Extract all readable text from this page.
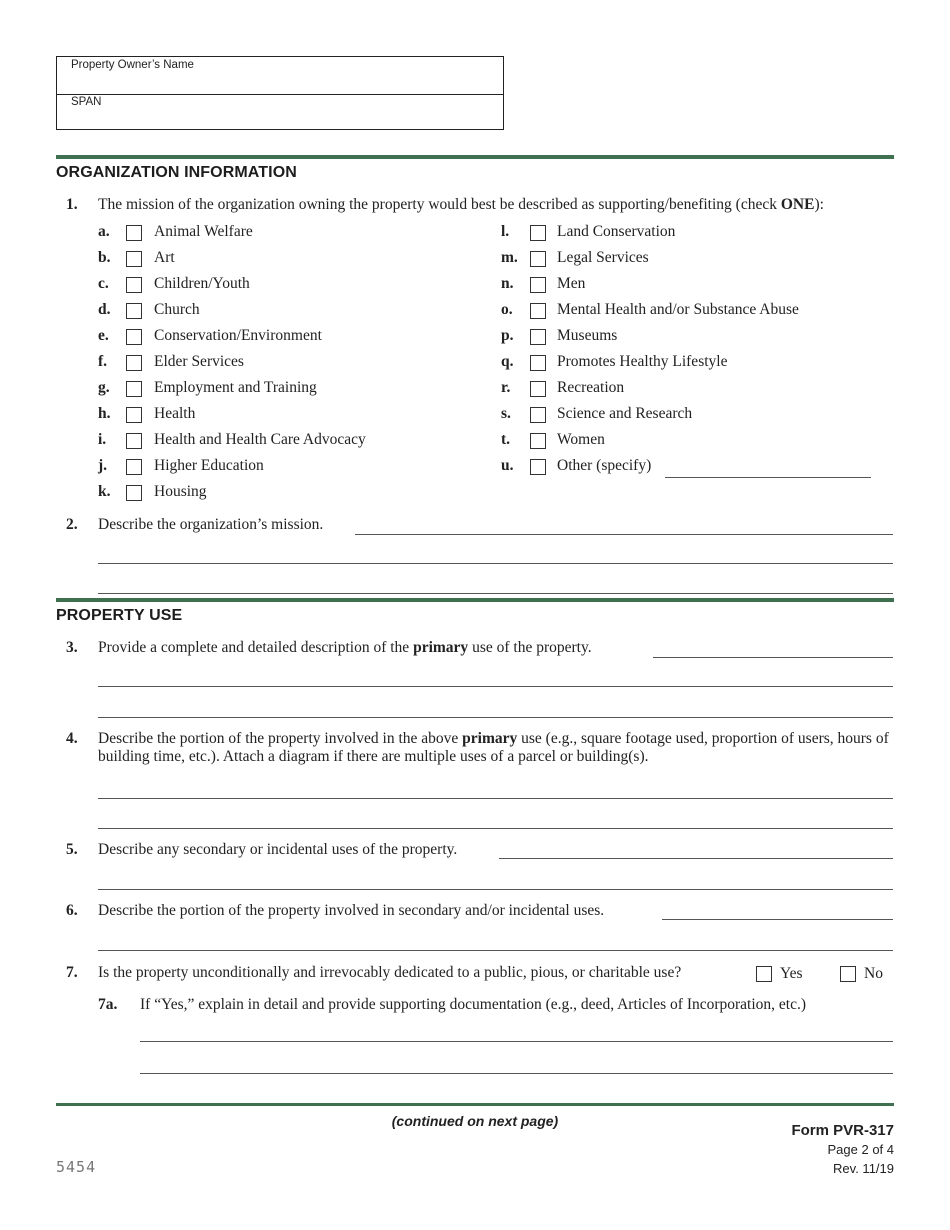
Property Owner’s Name
SPAN
ORGANIZATION INFORMATION
1. The mission of the organization owning the property would best be described as supporting/benefiting (check ONE):
a.	Animal Welfare
b.	Art
c.	Children/Youth
d.	Church
e.	Conservation/Environment
f.	Elder Services
g.	Employment and Training
h.	Health
i.	Health and Health Care Advocacy
j.	Higher Education
k.	Housing
l.	Land Conservation
m.	Legal Services
n.	Men
o.	Mental Health and/or Substance Abuse
p.	Museums
q.	Promotes Healthy Lifestyle
r.	Recreation
s.	Science and Research
t.	Women
u.	Other (specify)
2. Describe the organization’s mission.
PROPERTY USE
3. Provide a complete and detailed description of the primary use of the property.
4. Describe the portion of the property involved in the above primary use (e.g., square footage used, proportion of users, hours of building time, etc.). Attach a diagram if there are multiple uses of a parcel or building(s).
5. Describe any secondary or incidental uses of the property.
6. Describe the portion of the property involved in secondary and/or incidental uses.
7. Is the property unconditionally and irrevocably dedicated to a public, pious, or charitable use?	Yes	No
7a. If “Yes,” explain in detail and provide supporting documentation (e.g., deed, Articles of Incorporation, etc.)
(continued on next page)
Form PVR-317
Page 2 of 4
Rev. 11/19
5454
